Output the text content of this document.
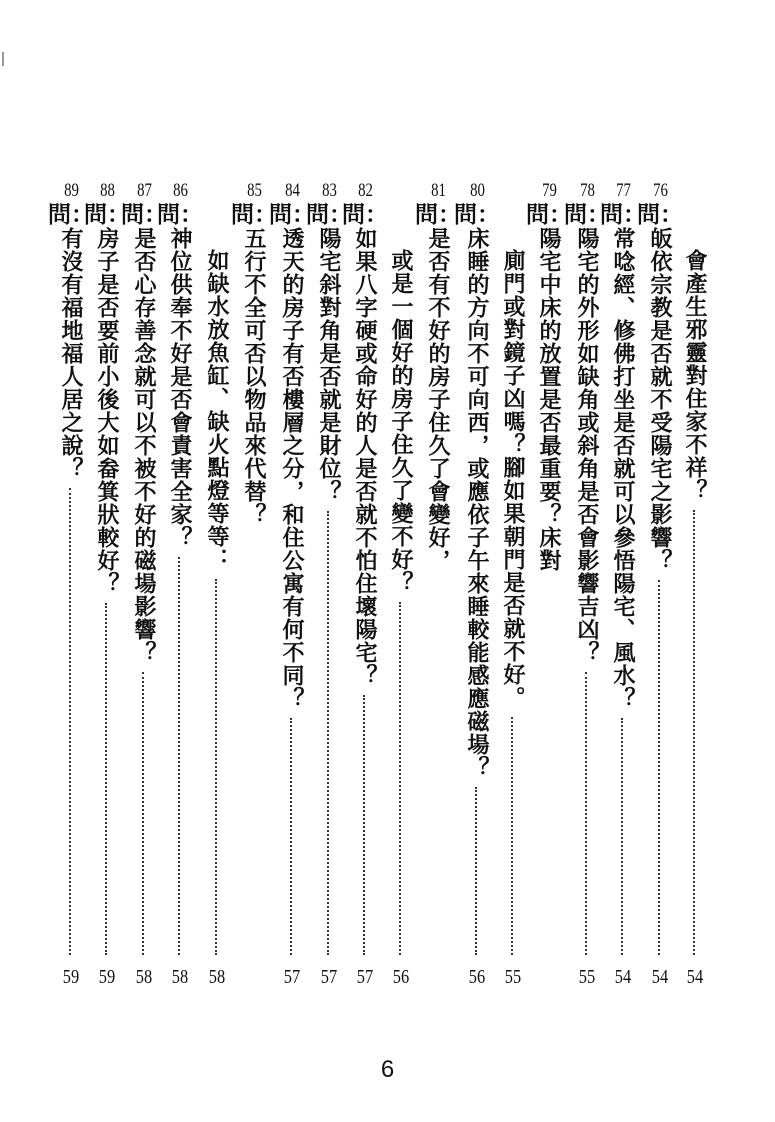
會產生邪靈對住家不祥？
76
問：
皈依宗教是否就不受陽宅之影響？
77
問：
常唸經、修佛打坐是否就可以參悟陽宅、風水？
78
問：
陽宅的外形如缺角或斜角是否會影響吉凶？
79
問：
陽宅中床的放置是否最重要？床對
廁門或對鏡子凶嗎？腳如果朝門是否就不好。
80
問：
床睡的方向不可向西，或應依子午來睡較能感應磁場？
81
問：
是否有不好的房子住久了會變好，
或是一個好的房子住久了變不好？
82
問：
如果八字硬或命好的人是否就不怕住壞陽宅？
83
問：
陽宅斜對角是否就是財位？
84
問：
透天的房子有否樓層之分，和住公寓有何不同？
85
問：
五行不全可否以物品來代替？
如缺水放魚缸、缺火點燈等等：
86
問：
神位供奉不好是否會責害全家？
87
問：
是否心存善念就可以不被不好的磁場影響？
88
問：
房子是否要前小後大如畚箕狀較好？
89
問：
有沒有福地福人居之說？
54
54
54
55
55
56
56
57
57
57
58
58
58
59
59
6
